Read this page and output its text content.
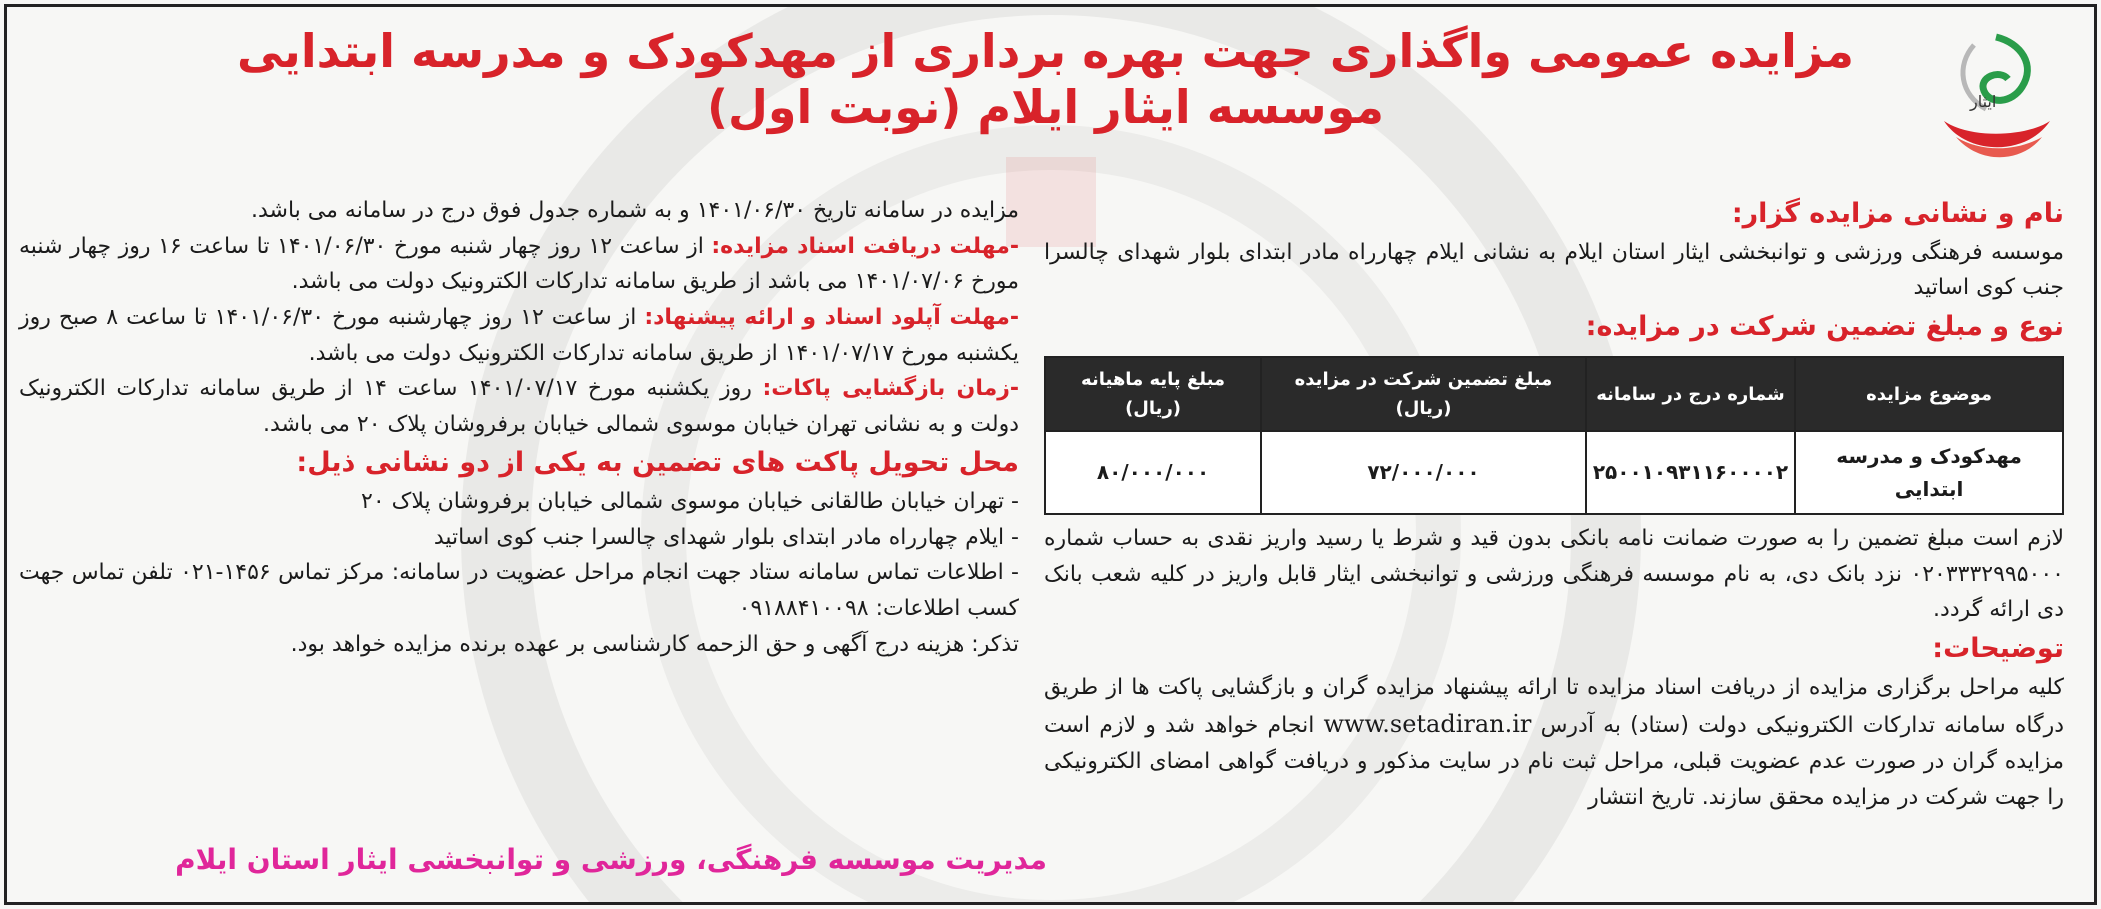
ایثار
مزایده عمومی واگذاری جهت بهره برداری از مهدکودک و مدرسه ابتدایی
موسسه ایثار ایلام (نوبت اول)
نام و نشانی مزایده گزار:

موسسه فرهنگی ورزشی و توانبخشی ایثار استان ایلام به نشانی ایلام چهارراه مادر ابتدای بلوار شهدای چالسرا جنب کوی اساتید

نوع و مبلغ تضمین شرکت در مزایده:
موضوع مزایده	شماره درج در سامانه	مبلغ تضمین شرکت در مزایده (ریال)	مبلغ پایه ماهیانه (ریال)
مهدکودک و مدرسه ابتدایی	۲۵۰۰۱۰۹۳۱۱۶۰۰۰۰۲	۷۲/۰۰۰/۰۰۰	۸۰/۰۰۰/۰۰۰

لازم است مبلغ تضمین را به صورت ضمانت نامه بانکی بدون قید و شرط یا رسید واریز نقدی به حساب شماره ۰۲۰۳۳۳۲۹۹۵۰۰۰ نزد بانک دی، به نام موسسه فرهنگی ورزشی و توانبخشی ایثار قابل واریز در کلیه شعب بانک دی ارائه گردد.

توضیحات:

کلیه مراحل برگزاری مزایده از دریافت اسناد مزایده تا ارائه پیشنهاد مزایده گران و بازگشایی پاکت ها از طریق درگاه سامانه تدارکات الکترونیکی دولت (ستاد) به آدرس www.setadiran.ir انجام خواهد شد و لازم است مزایده گران در صورت عدم عضویت قبلی، مراحل ثبت نام در سایت مذکور و دریافت گواهی امضای الکترونیکی را جهت شرکت در مزایده محقق سازند. تاریخ انتشار

مزایده در سامانه تاریخ ۱۴۰۱/۰۶/۳۰ و به شماره جدول فوق درج در سامانه می باشد.

-مهلت دریافت اسناد مزایده: از ساعت ۱۲ روز چهار شنبه مورخ ۱۴۰۱/۰۶/۳۰ تا ساعت ۱۶ روز چهار شنبه مورخ ۱۴۰۱/۰۷/۰۶ می باشد از طریق سامانه تدارکات الکترونیک دولت می باشد.

-مهلت آپلود اسناد و ارائه پیشنهاد: از ساعت ۱۲ روز چهارشنبه مورخ ۱۴۰۱/۰۶/۳۰ تا ساعت ۸ صبح روز یکشنبه مورخ ۱۴۰۱/۰۷/۱۷ از طریق سامانه تدارکات الکترونیک دولت می باشد.

-زمان بازگشایی پاکات: روز یکشنبه مورخ ۱۴۰۱/۰۷/۱۷ ساعت ۱۴ از طریق سامانه تدارکات الکترونیک دولت و به نشانی تهران خیابان موسوی شمالی خیابان برفروشان پلاک ۲۰ می باشد.

محل تحویل پاکت های تضمین به یکی از دو نشانی ذیل:

- تهران خیابان طالقانی خیابان موسوی شمالی خیابان برفروشان پلاک ۲۰

- ایلام چهارراه مادر ابتدای بلوار شهدای چالسرا جنب کوی اساتید

- اطلاعات تماس سامانه ستاد جهت انجام مراحل عضویت در سامانه: مرکز تماس ۱۴۵۶-۰۲۱ تلفن تماس جهت کسب اطلاعات: ۰۹۱۸۸۴۱۰۰۹۸

تذکر: هزینه درج آگهی و حق الزحمه کارشناسی بر عهده برنده مزایده خواهد بود.

مدیریت موسسه فرهنگی، ورزشی و توانبخشی ایثار استان ایلام
